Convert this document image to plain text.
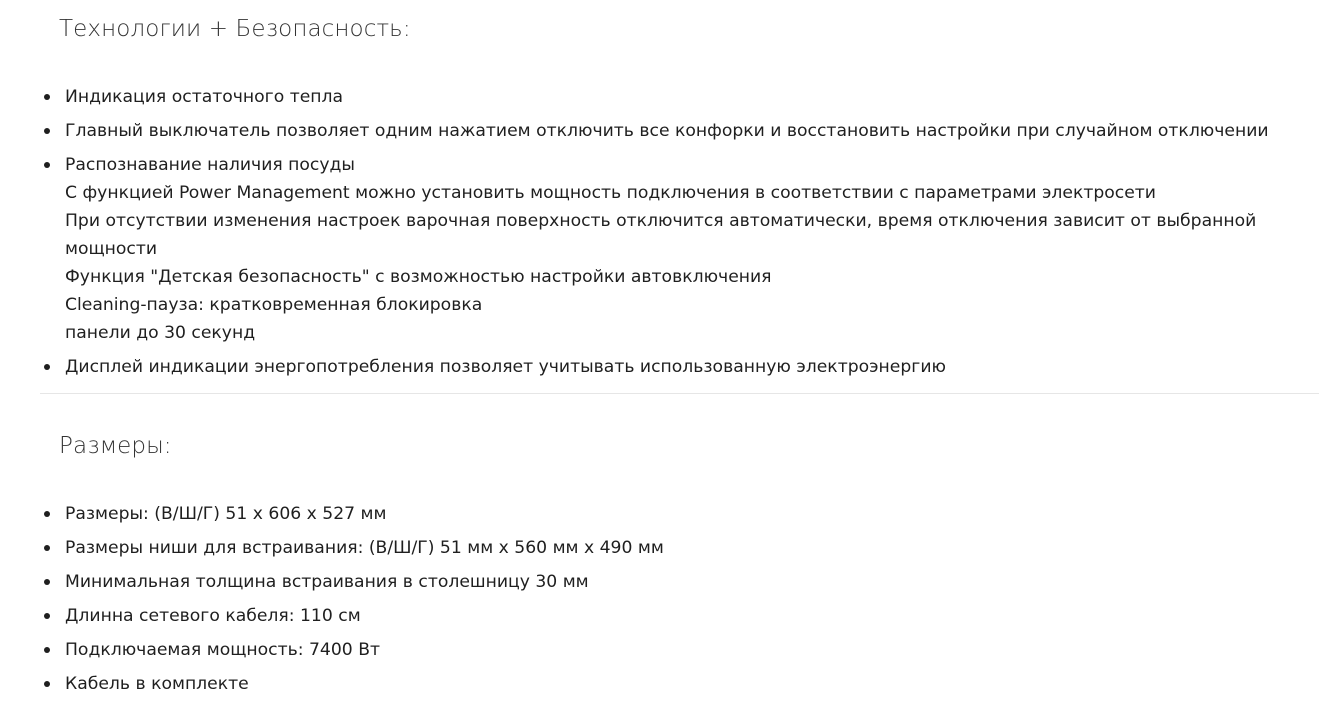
Технологии + Безопасность:
Индикация остаточного тепла
Главный выключатель позволяет одним нажатием отключить все конфорки и восстановить настройки при случайном отключении
Распознавание наличия посуды
С функцией Power Management можно установить мощность подключения в соответствии с параметрами электросети
При отсутствии изменения настроек варочная поверхность отключится автоматически, время отключения зависит от выбранной
мощности
Функция "Детская безопасность" с возможностью настройки автовключения
Cleaning-пауза: кратковременная блокировка
панели до 30 секунд
Дисплей индикации энергопотребления позволяет учитывать использованную электроэнергию
Размеры:
Размеры: (В/Ш/Г) 51 x 606 x 527 мм
Размеры ниши для встраивания: (В/Ш/Г) 51 мм x 560 мм x 490 мм
Минимальная толщина встраивания в столешницу 30 мм
Длинна сетевого кабеля: 110 см
Подключаемая мощность: 7400 Вт
Кабель в комплекте
